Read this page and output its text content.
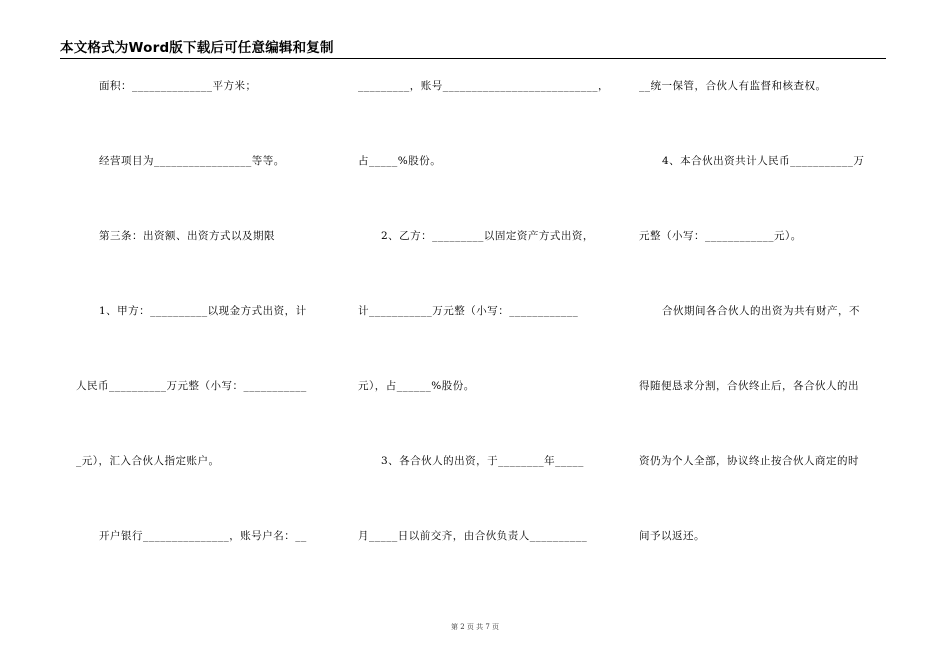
本文格式为Word版下载后可任意编辑和复制
面积：______________平方米；
经营项目为_________________等等。
第三条：出资额、出资方式以及期限
1、甲方：__________以现金方式出资，计
人民币__________万元整（小写：___________
_元），汇入合伙人指定账户。
开户银行_______________，账号户名：__
_________，账号___________________________，
占_____%股份。
2、乙方：_________以固定资产方式出资，
计___________万元整（小写：____________
元），占______%股份。
3、各合伙人的出资，于________年_____
月_____日以前交齐，由合伙负责人__________
__统一保管，合伙人有监督和核查权。
4、本合伙出资共计人民币___________万
元整（小写：____________元）。
合伙期间各合伙人的出资为共有财产，不
得随便恳求分割，合伙终止后，各合伙人的出
资仍为个人全部，协议终止按合伙人商定的时
间予以返还。
第 2 页 共 7 页
